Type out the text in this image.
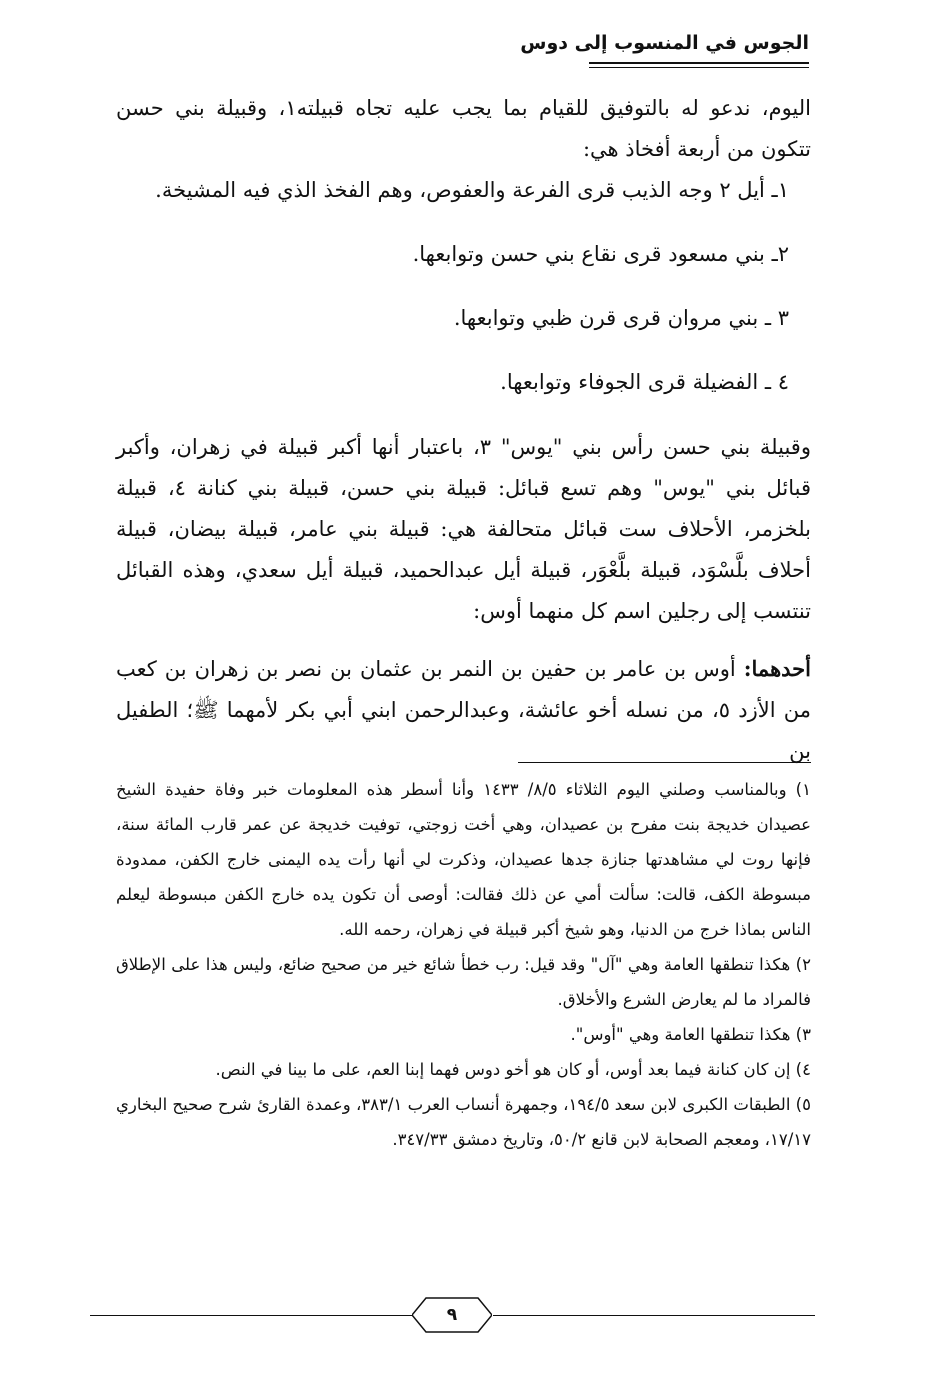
الجوس في المنسوب إلى دوس

اليوم، ندعو له بالتوفيق للقيام بما يجب عليه تجاه قبيلته١، وقبيلة بني حسن تتكون من أربعة أفخاذ هي:

١ـ أيل ٢ وجه الذيب قرى الفرعة والعفوص، وهم الفخذ الذي فيه المشيخة.
٢ـ بني مسعود قرى نقاع بني حسن وتوابعها.
٣ ـ بني مروان قرى قرن ظبي وتوابعها.
٤ ـ الفضيلة قرى الجوفاء وتوابعها.

وقبيلة بني حسن رأس بني "يوس" ٣، باعتبار أنها أكبر قبيلة في زهران، وأكبر قبائل بني "يوس" وهم تسع قبائل: قبيلة بني حسن، قبيلة بني كنانة ٤، قبيلة بلخزمر، الأحلاف ست قبائل متحالفة هي: قبيلة بني عامر، قبيلة بيضان، قبيلة أحلاف بلَّسْوَد، قبيلة بلَّعْوَر، قبيلة أيل عبدالحميد، قبيلة أيل سعدي، وهذه القبائل تنتسب إلى رجلين اسم كل منهما أوس:

أحدهما: أوس بن عامر بن حفين بن النمر بن عثمان بن نصر بن زهران بن كعب من الأزد ٥، من نسله أخو عائشة، وعبدالرحمن ابني أبي بكر لأمهما ﷺ؛ الطفيل بن

١) وبالمناسب وصلني اليوم الثلاثاء ٨/٥/ ١٤٣٣ وأنا أسطر هذه المعلومات خبر وفاة حفيدة الشيخ عصيدان خديجة بنت مفرح بن عصيدان، وهي أخت زوجتي، توفيت خديجة عن عمر قارب المائة سنة، فإنها روت لي مشاهدتها جنازة جدها عصيدان، وذكرت لي أنها رأت يده اليمنى خارج الكفن، ممدودة مبسوطة الكف، قالت: سألت أمي عن ذلك فقالت: أوصى أن تكون يده خارج الكفن مبسوطة ليعلم الناس بماذا خرج من الدنيا، وهو شيخ أكبر قبيلة في زهران، رحمه الله.

٢) هكذا تنطقها العامة وهي "آل" وقد قيل: رب خطأ شائع خير من صحيح ضائع، وليس هذا على الإطلاق فالمراد ما لم يعارض الشرع والأخلاق.

٣) هكذا تنطقها العامة وهي "أوس".

٤) إن كان كنانة فيما بعد أوس، أو كان هو أخو دوس فهما إبنا العم، على ما بينا في النص.

٥) الطبقات الكبرى لابن سعد ١٩٤/٥، وجمهرة أنساب العرب ٣٨٣/١، وعمدة القارئ شرح صحيح البخاري ١٧/١٧، ومعجم الصحابة لابن قانع ٥٠/٢، وتاريخ دمشق ٣٤٧/٣٣.

٩
